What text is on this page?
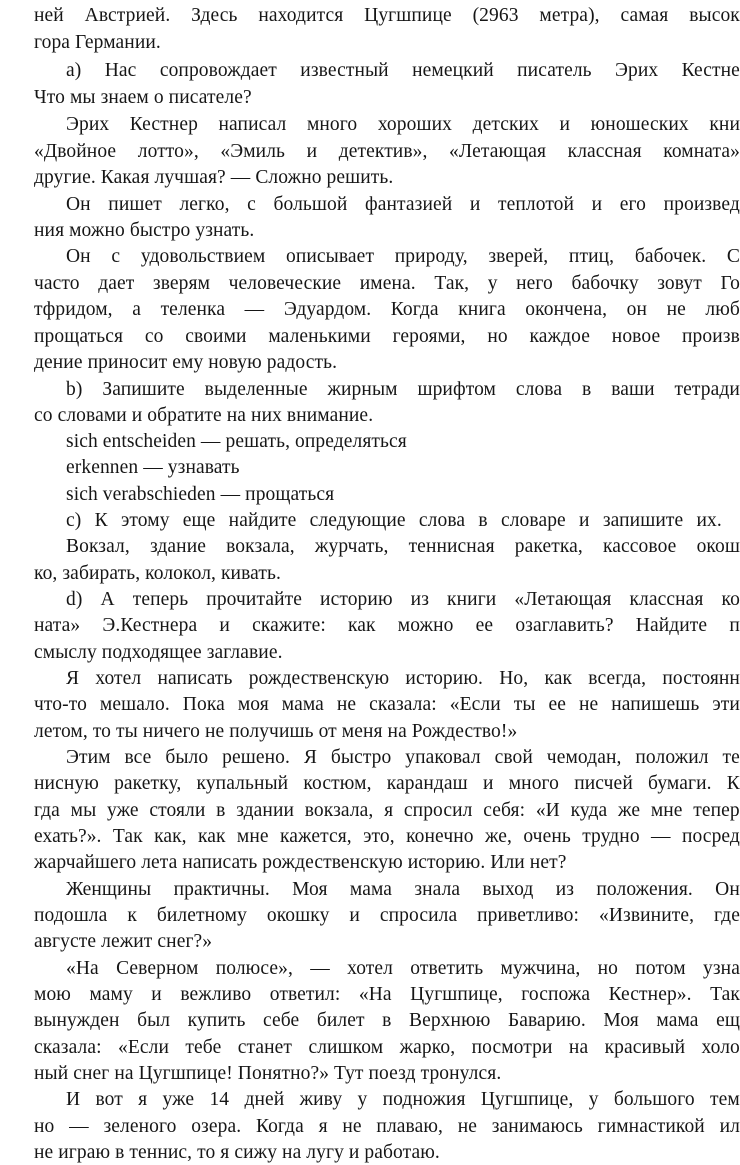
ней Австрией. Здесь находится Цугшпице (2963 метра), самая высок
гора Германии.
а) Нас сопровождает известный немецкий писатель Эрих Кестне
Что мы знаем о писателе?
Эрих Кестнер написал много хороших детских и юношеских кни
«Двойное лотто», «Эмиль и детектив», «Летающая классная комната»
другие. Какая лучшая? — Сложно решить.
Он пишет легко, с большой фантазией и теплотой и его произвед
ния можно быстро узнать.
Он с удовольствием описывает природу, зверей, птиц, бабочек. С
часто дает зверям человеческие имена. Так, у него бабочку зовут Го
тфридом, а теленка — Эдуардом. Когда книга окончена, он не люб
прощаться со своими маленькими героями, но каждое новое произв
дение приносит ему новую радость.
b) Запишите выделенные жирным шрифтом слова в ваши тетради
со словами и обратите на них внимание.
sich entscheiden — решать, определяться
erkennen — узнавать
sich verabschieden — прощаться
c) К этому еще найдите следующие слова в словаре и запишите их.
Вокзал, здание вокзала, журчать, теннисная ракетка, кассовое окош
ко, забирать, колокол, кивать.
d) А теперь прочитайте историю из книги «Летающая классная ко
ната» Э.Кестнера и скажите: как можно ее озаглавить? Найдите п
смыслу подходящее заглавие.
Я хотел написать рождественскую историю. Но, как всегда, постоянн
что-то мешало. Пока моя мама не сказала: «Если ты ее не напишешь эти
летом, то ты ничего не получишь от меня на Рождество!»
Этим все было решено. Я быстро упаковал свой чемодан, положил те
нисную ракетку, купальный костюм, карандаш и много писчей бумаги. К
гда мы уже стояли в здании вокзала, я спросил себя: «И куда же мне тепер
ехать?». Так как, как мне кажется, это, конечно же, очень трудно — посред
жарчайшего лета написать рождественскую историю. Или нет?
Женщины практичны. Моя мама знала выход из положения. Он
подошла к билетному окошку и спросила приветливо: «Извините, где
августе лежит снег?»
«На Северном полюсе», — хотел ответить мужчина, но потом узна
мою маму и вежливо ответил: «На Цугшпице, госпожа Кестнер». Так
вынужден был купить себе билет в Верхнюю Баварию. Моя мама ещ
сказала: «Если тебе станет слишком жарко, посмотри на красивый холо
ный снег на Цугшпице! Понятно?» Тут поезд тронулся.
И вот я уже 14 дней живу у подножия Цугшпице, у большого тем
но — зеленого озера. Когда я не плаваю, не занимаюсь гимнастикой ил
не играю в теннис, то я сижу на лугу и работаю.
